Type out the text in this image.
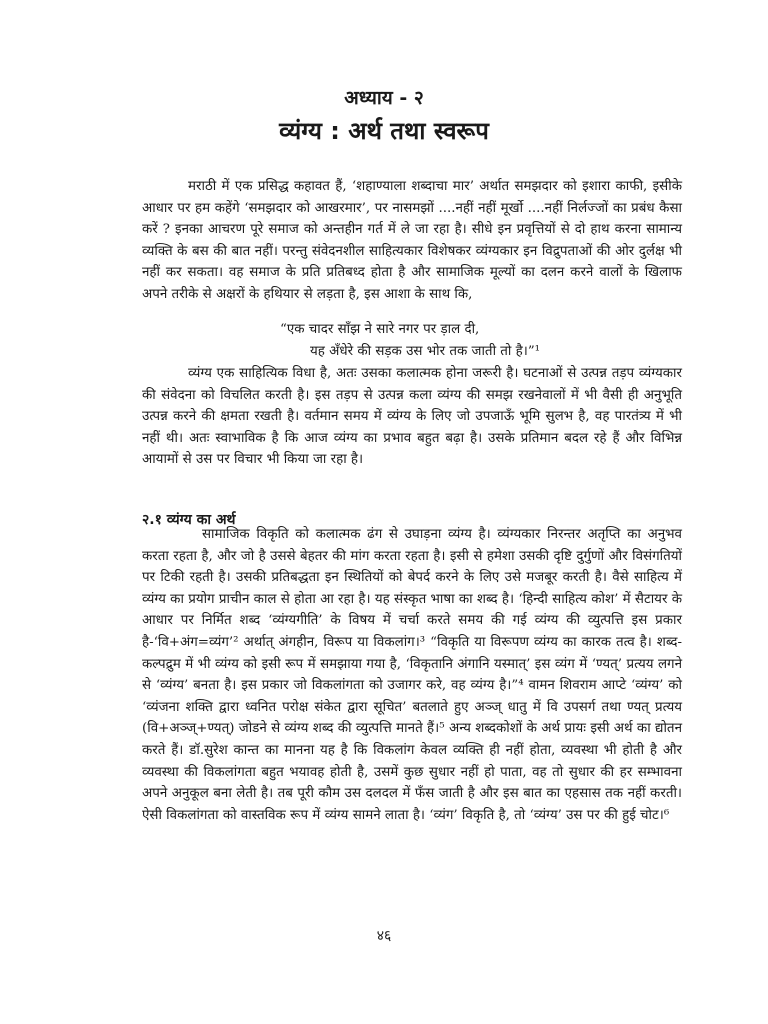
अध्याय - २
व्यंग्य : अर्थ तथा स्वरूप

मराठी में एक प्रसिद्ध कहावत हैं, ‘शहाण्याला शब्दाचा मार’ अर्थात समझदार को इशारा काफी, इसीके आधार पर हम कहेंगे ‘समझदार को आखरमार’, पर नासमझों ....नहीं नहीं मूर्खो ....नहीं निर्लज्जों का प्रबंध कैसा करें ? इनका आचरण पूरे समाज को अन्तहीन गर्त में ले जा रहा है। सीधे इन प्रवृत्तियों से दो हाथ करना सामान्य व्यक्ति के बस की बात नहीं। परन्तु संवेदनशील साहित्यकार विशेषकर व्यंग्यकार इन विद्रुपताओं की ओर दुर्लक्ष भी नहीं कर सकता। वह समाज के प्रति प्रतिबध्द होता है और सामाजिक मूल्यों का दलन करने वालों के खिलाफ अपने तरीके से अक्षरों के हथियार से लड़ता है, इस आशा के साथ कि,

“एक चादर साँझ ने सारे नगर पर ड़ाल दी,

यह अँधेरे की सड़क उस भोर तक जाती तो है।”¹

व्यंग्य एक साहित्यिक विधा है, अतः उसका कलात्मक होना जरूरी है। घटनाओं से उत्पन्न तड़प व्यंग्यकार की संवेदना को विचलित करती है। इस तड़प से उत्पन्न कला व्यंग्य की समझ रखनेवालों में भी वैसी ही अनुभूति उत्पन्न करने की क्षमता रखती है। वर्तमान समय में व्यंग्य के लिए जो उपजाऊँ भूमि सुलभ है, वह पारतंत्र्य में भी नहीं थी। अतः स्वाभाविक है कि आज व्यंग्य का प्रभाव बहुत बढ़ा है। उसके प्रतिमान बदल रहे हैं और विभिन्न आयामों से उस पर विचार भी किया जा रहा है।

२.१ व्यंग्य का अर्थ

सामाजिक विकृति को कलात्मक ढंग से उघाड़ना व्यंग्य है। व्यंग्यकार निरन्तर अतृप्ति का अनुभव करता रहता है, और जो है उससे बेहतर की मांग करता रहता है। इसी से हमेशा उसकी दृष्टि दुर्गुणों और विसंगतियों पर टिकी रहती है। उसकी प्रतिबद्धता इन स्थितियों को बेपर्द करने के लिए उसे मजबूर करती है। वैसे साहित्य में व्यंग्य का प्रयोग प्राचीन काल से होता आ रहा है। यह संस्कृत भाषा का शब्द है। ‘हिन्दी साहित्य कोश’ में सैटायर के आधार पर निर्मित शब्द ‘व्यंग्यगीति’ के विषय में चर्चा करते समय की गई व्यंग्य की व्युत्पत्ति इस प्रकार है-‘वि+अंग=व्यंग’² अर्थात् अंगहीन, विरूप या विकलांग।³ “विकृति या विरूपण व्यंग्य का कारक तत्व है। शब्द-कल्पद्रुम में भी व्यंग्य को इसी रूप में समझाया गया है, ‘विकृतानि अंगानि यस्मात्’ इस व्यंग में ‘ण्यत्’ प्रत्यय लगने से ‘व्यंग्य’ बनता है। इस प्रकार जो विकलांगता को उजागर करे, वह व्यंग्य है।”⁴ वामन शिवराम आप्टे ‘व्यंग्य’ को ‘व्यंजना शक्ति द्वारा ध्वनित परोक्ष संकेत द्वारा सूचित’ बतलाते हुए अञ्ज् धातु में वि उपसर्ग तथा ण्यत् प्रत्यय (वि+अञ्ज्+ण्यत्) जोडने से व्यंग्य शब्द की व्युत्पत्ति मानते हैं।⁵ अन्य शब्दकोशों के अर्थ प्रायः इसी अर्थ का द्योतन करते हैं। डॉ.सुरेश कान्त का मानना यह है कि विकलांग केवल व्यक्ति ही नहीं होता, व्यवस्था भी होती है और व्यवस्था की विकलांगता बहुत भयावह होती है, उसमें कुछ सुधार नहीं हो पाता, वह तो सुधार की हर सम्भावना अपने अनुकूल बना लेती है। तब पूरी कौम उस दलदल में फँस जाती है और इस बात का एहसास तक नहीं करती। ऐसी विकलांगता को वास्तविक रूप में व्यंग्य सामने लाता है। ‘व्यंग’ विकृति है, तो ‘व्यंग्य’ उस पर की हुई चोट।⁶

४६
